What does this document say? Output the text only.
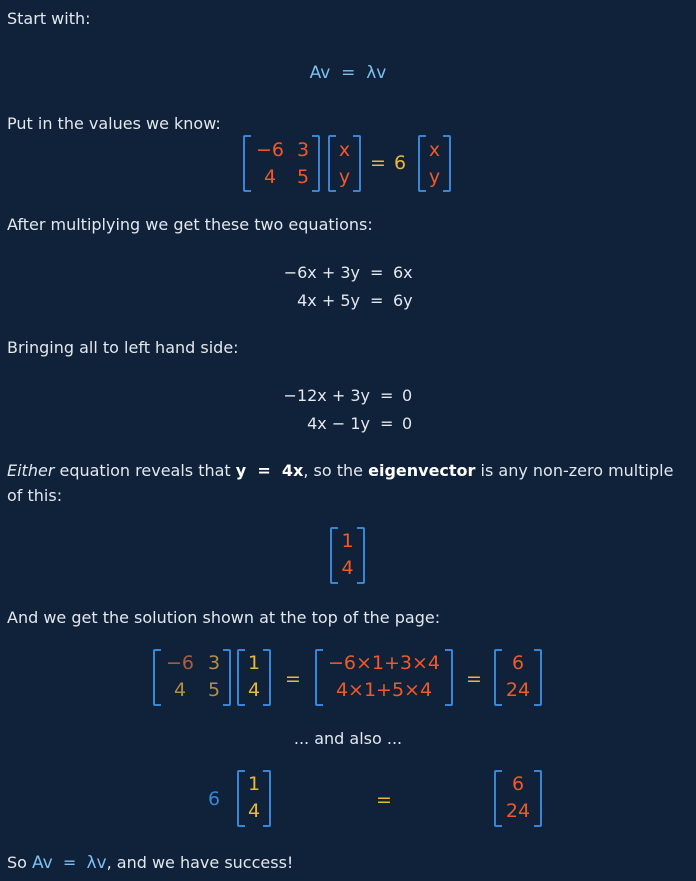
Start with:
Av = λv
Put in the values we know:
−6 3
4	5
x
y
= 6
x
y
After multiplying we get these two equations:
−6x + 3y = 6x
4x + 5y = 6y
Bringing all to left hand side:
−12x + 3y = 0
4x − 1y = 0
Either equation reveals that y  =  4x, so the eigenvector is any non-zero multiple
of this:
1
4
And we get the solution shown at the top of the page:
−6 3
4	5
1
4	=
−6×1+3×4
4×1+5×4	=
6
24
... and also ...
6
1
4	=
6
24
So Av = λv, and we have success!
